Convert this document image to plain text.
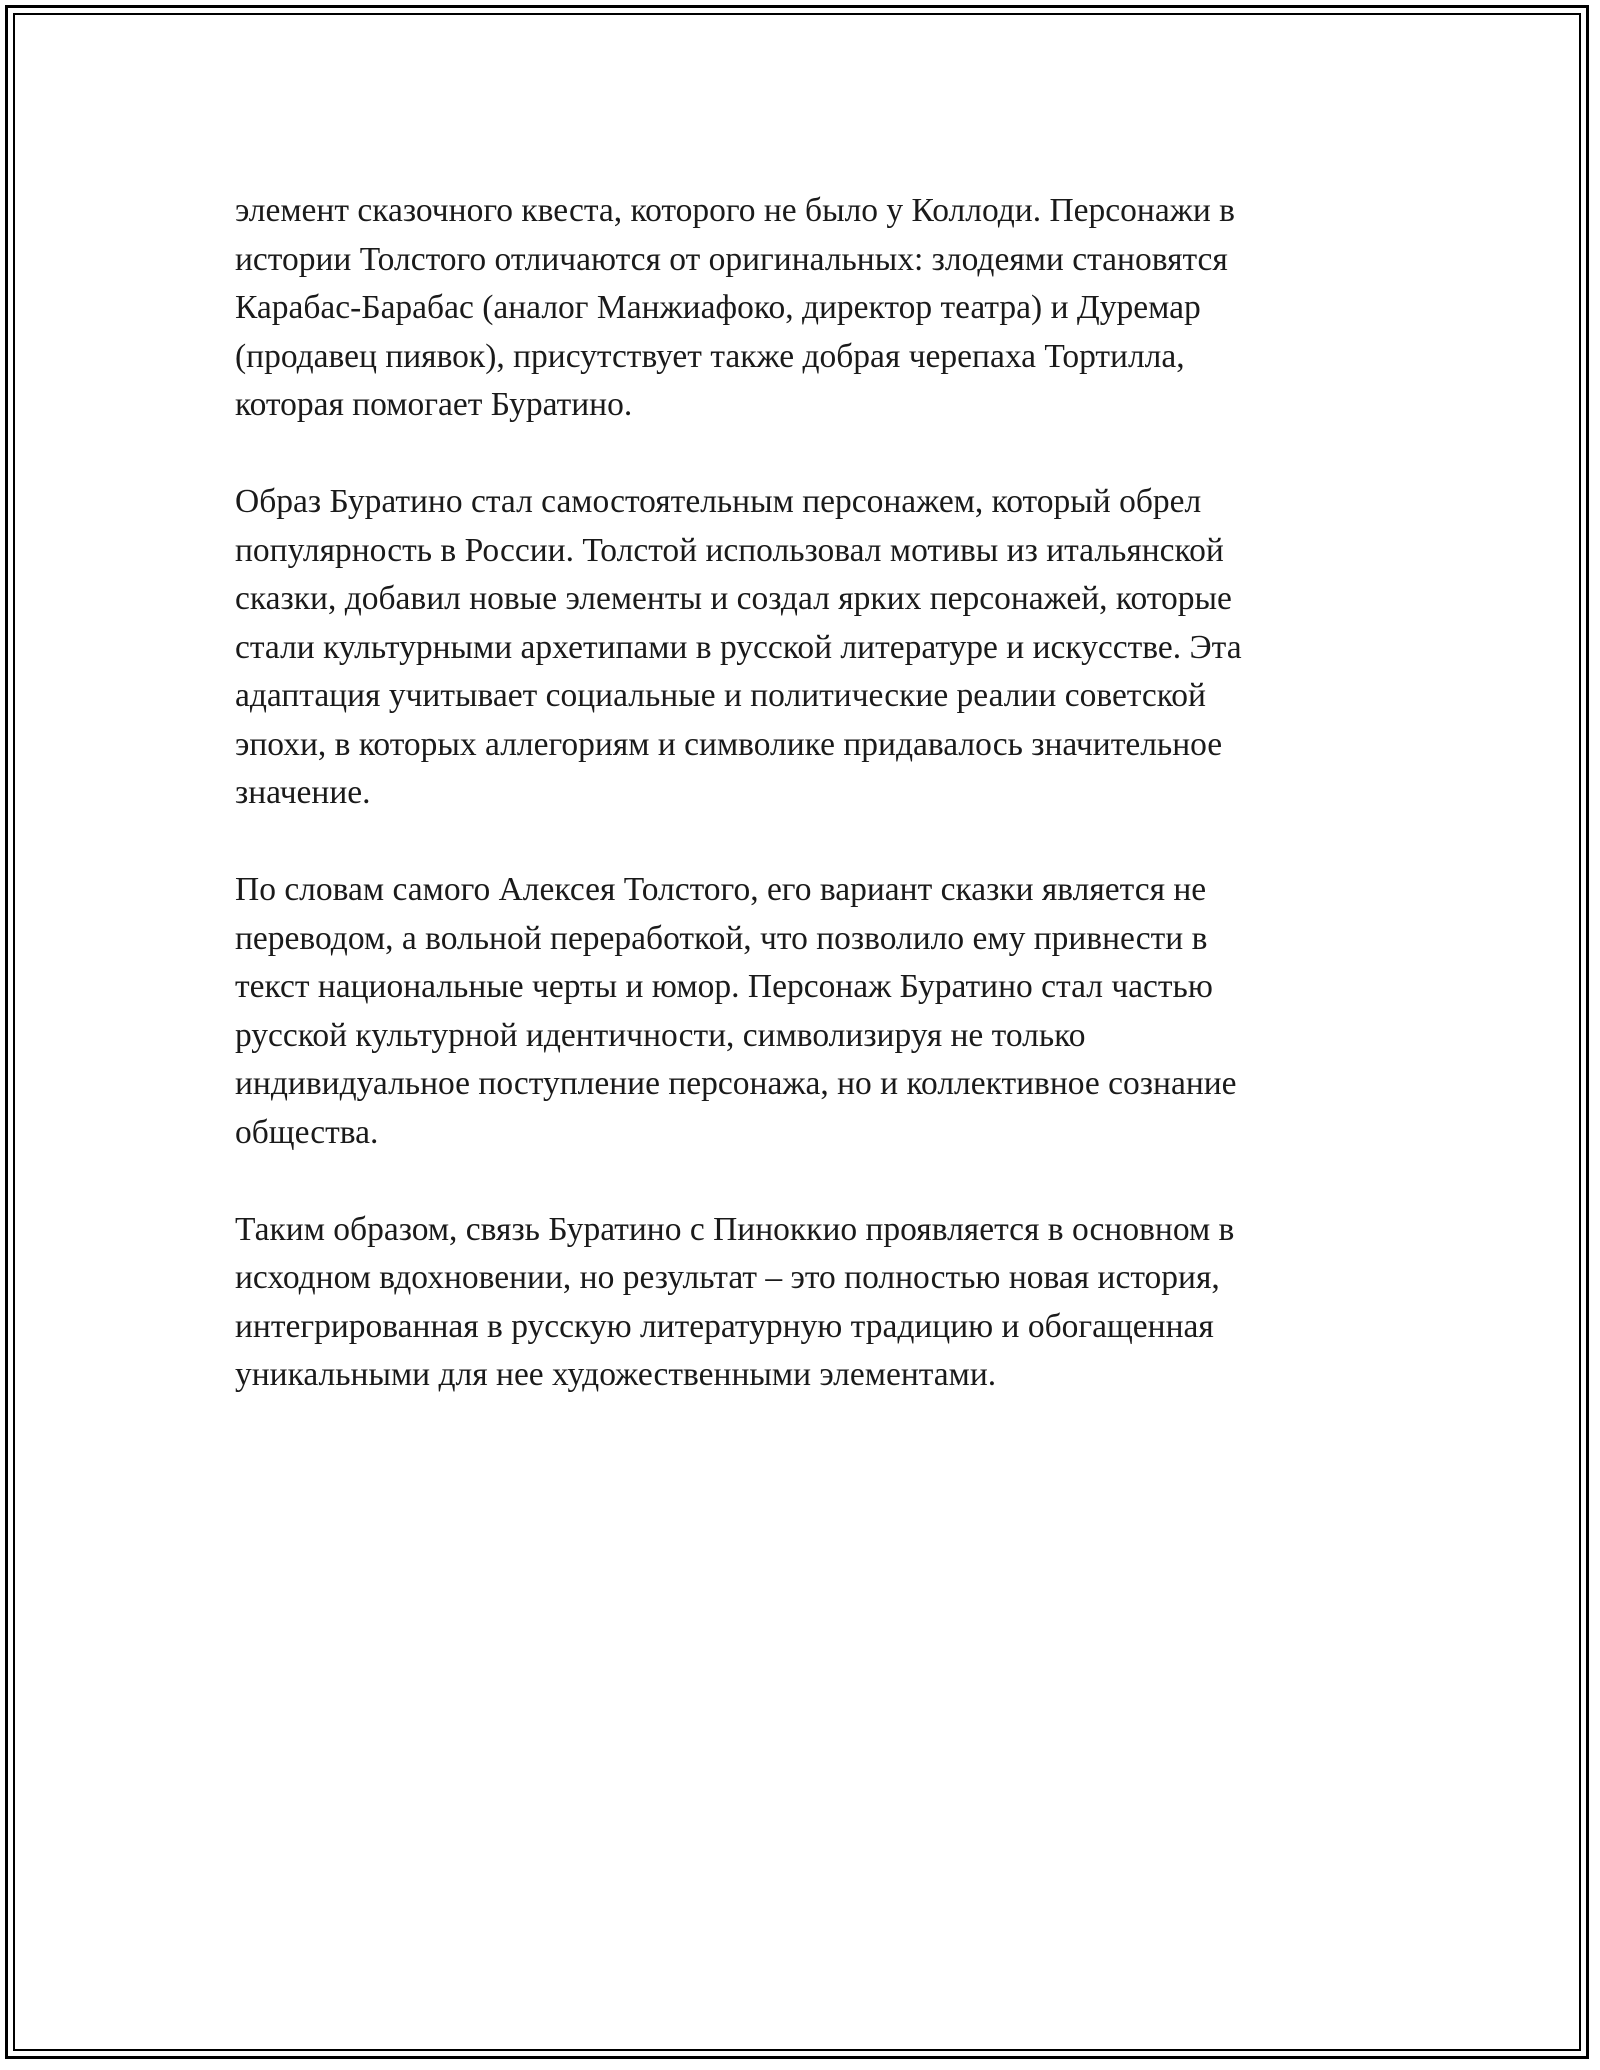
элемент сказочного квеста, которого не было у Коллоди. Персонажи в
истории Толстого отличаются от оригинальных: злодеями становятся
Карабас-Барабас (аналог Манжиафоко, директор театра) и Дуремар
(продавец пиявок), присутствует также добрая черепаха Тортилла,
которая помогает Буратино.

Образ Буратино стал самостоятельным персонажем, который обрел
популярность в России. Толстой использовал мотивы из итальянской
сказки, добавил новые элементы и создал ярких персонажей, которые
стали культурными архетипами в русской литературе и искусстве. Эта
адаптация учитывает социальные и политические реалии советской
эпохи, в которых аллегориям и символике придавалось значительное
значение.

По словам самого Алексея Толстого, его вариант сказки является не
переводом, а вольной переработкой, что позволило ему привнести в
текст национальные черты и юмор. Персонаж Буратино стал частью
русской культурной идентичности, символизируя не только
индивидуальное поступление персонажа, но и коллективное сознание
общества.

Таким образом, связь Буратино с Пиноккио проявляется в основном в
исходном вдохновении, но результат – это полностью новая история,
интегрированная в русскую литературную традицию и обогащенная
уникальными для нее художественными элементами.
